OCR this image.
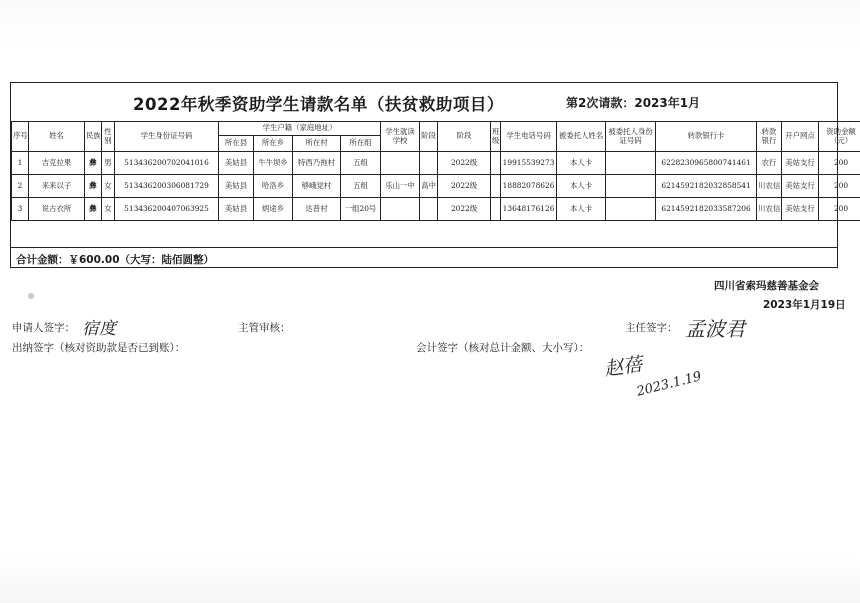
2022年秋季资助学生请款名单（扶贫救助项目）	第2次请款：2023年1月
序号	姓名	民族	性别	学生身份证号码	学生户籍（家庭地址）				学生就读学校	阶段	阶段	班级	学生电话号码	被委托人姓名	被委托人身份证号码	转款银行卡	转款银行	开户网点	资助金额（元）
					所在县	所在乡	所在村	所在组											
1	吉克拉果	彝	男	513436200702041016	美姑县	牛牛坝乡	特西乃拖村	五组			2022级		19915539273	本人卡		6228230965800741461	农行	美姑支行	200
2	来来以子	彝	女	513436200306081729	美姑县	哈洛乡	够峨觉村	五组	乐山一中	高中	2022级		18882078626	本人卡		6214592182032858541	川农信	美姑支行	200
3	说古衣所	彝	女	513436200407063925	美姑县	炳途乡	达普村	一组20号			2022级		13648176126	本人卡		6214592182033587206	川农信	美姑支行	200
合计金额：￥600.00（大写：陆佰圆整）
四川省索玛慈善基金会
2023年1月19日
申请人签字： 宿度	主管审核：	主任签字： 孟波君
出纳签字（核对资助款是否已到账）：	会计签字（核对总计金额、大小写）：
赵蓓
2023.1.19
